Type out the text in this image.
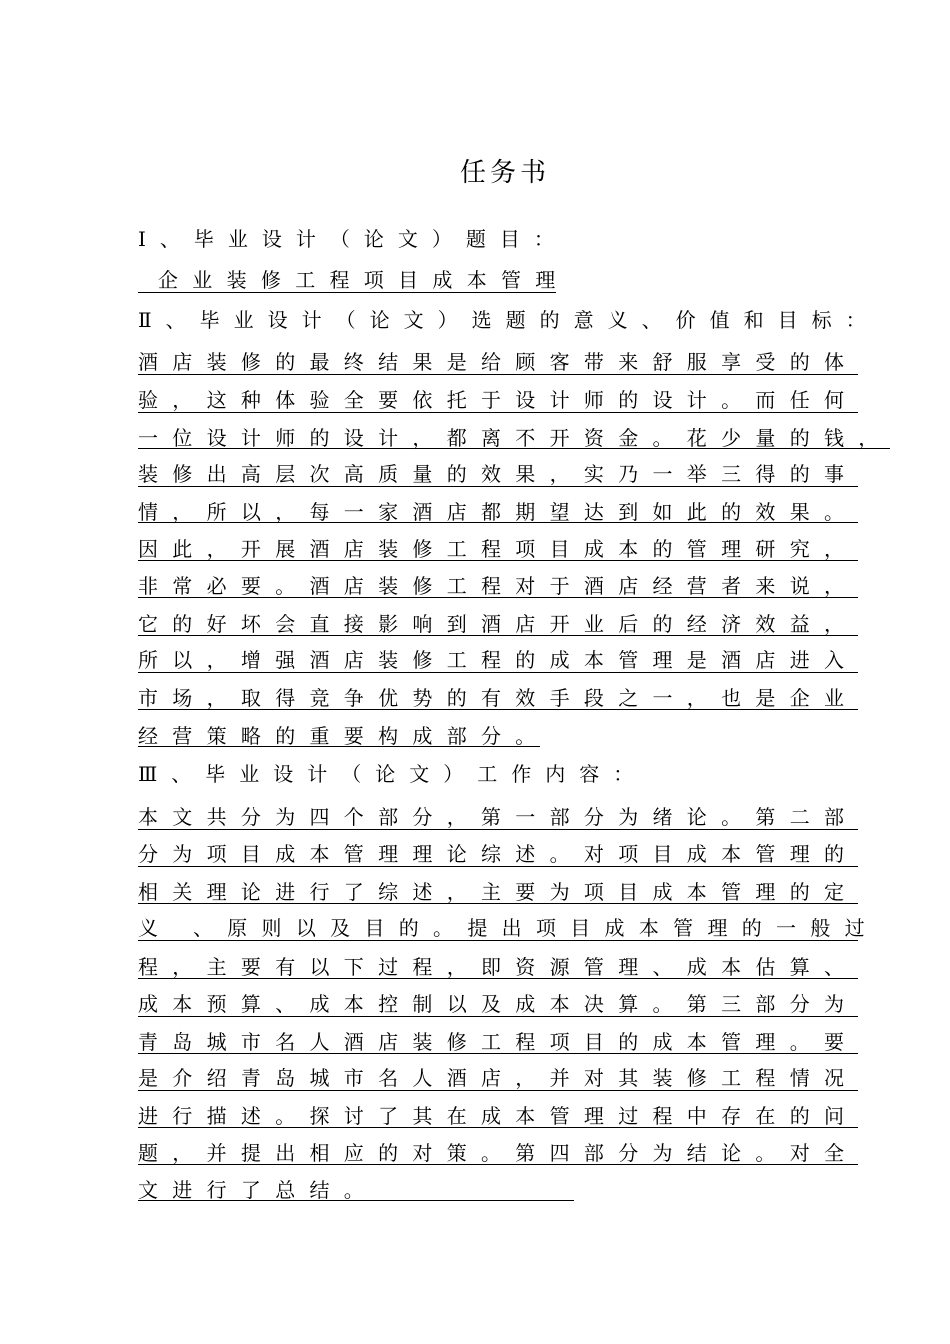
任务书
Ⅰ、毕业设计（论文）题目：
企业装修工程项目成本管理
Ⅱ、毕业设计（论文）选题的意义、价值和目标：
酒店装修的最终结果是给顾客带来舒服享受的体
验，这种体验全要依托于设计师的设计。而任何
一位设计师的设计，都离不开资金。花少量的钱，
装修出高层次高质量的效果，实乃一举三得的事
情，所以，每一家酒店都期望达到如此的效果。
因此，开展酒店装修工程项目成本的管理研究，
非常必要。酒店装修工程对于酒店经营者来说，
它的好坏会直接影响到酒店开业后的经济效益，
所以，增强酒店装修工程的成本管理是酒店进入
市场，取得竞争优势的有效手段之一，也是企业
经营策略的重要构成部分。
Ⅲ、毕业设计（论文）工作内容：
本文共分为四个部分，第一部分为绪论。第二部
分为项目成本管理理论综述。对项目成本管理的
相关理论进行了综述，主要为项目成本管理的定
义 、原则以及目的。提出项目成本管理的一般过
程，主要有以下过程，即资源管理、成本估算、
成本预算、成本控制以及成本决算。第三部分为
青岛城市名人酒店装修工程项目的成本管理。要
是介绍青岛城市名人酒店，并对其装修工程情况
进行描述。探讨了其在成本管理过程中存在的问
题，并提出相应的对策。第四部分为结论。对全
文进行了总结。
